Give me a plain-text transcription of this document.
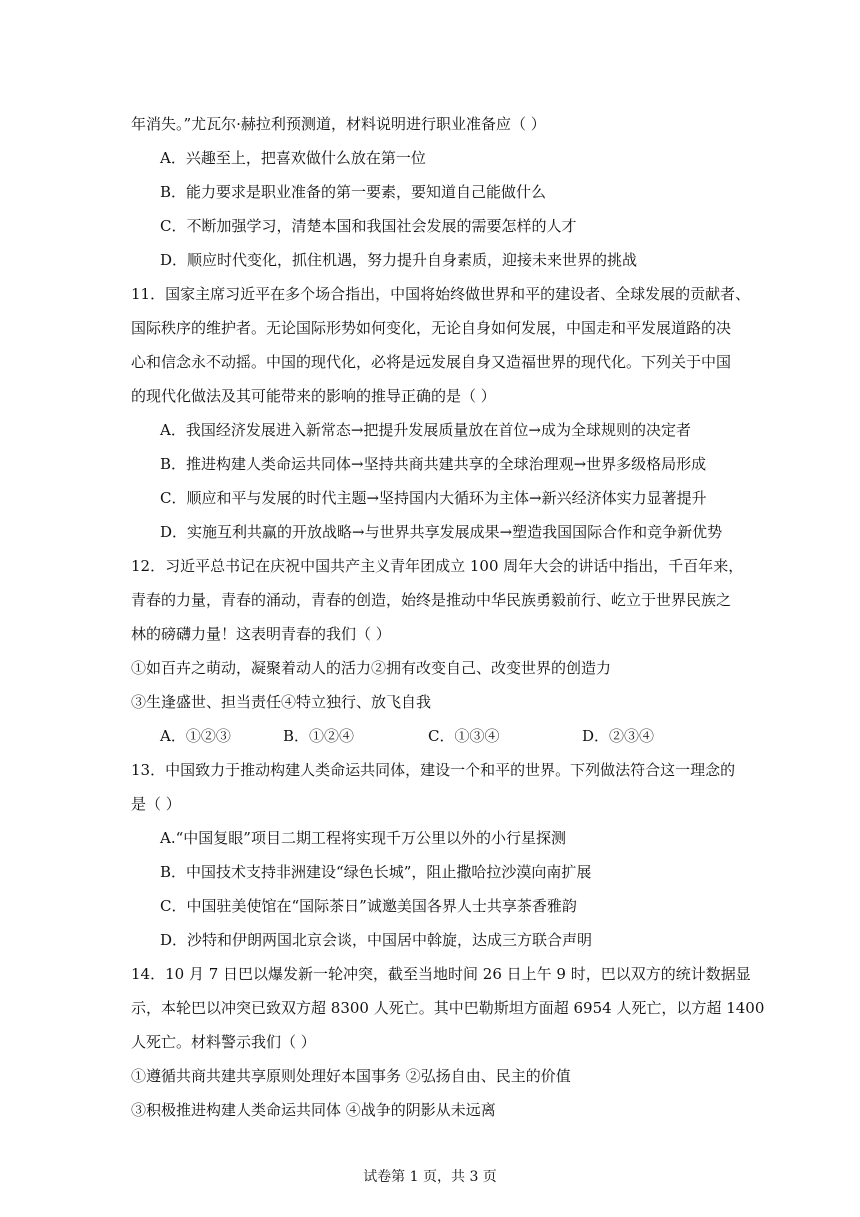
年消失。”尤瓦尔·赫拉利预测道，材料说明进行职业准备应（ ）
A．兴趣至上，把喜欢做什么放在第一位
B．能力要求是职业准备的第一要素，要知道自己能做什么
C．不断加强学习，清楚本国和我国社会发展的需要怎样的人才
D．顺应时代变化，抓住机遇，努力提升自身素质，迎接未来世界的挑战
11．国家主席习近平在多个场合指出，中国将始终做世界和平的建设者、全球发展的贡献者、
国际秩序的维护者。无论国际形势如何变化，无论自身如何发展，中国走和平发展道路的决
心和信念永不动摇。中国的现代化，必将是远发展自身又造福世界的现代化。下列关于中国
的现代化做法及其可能带来的影响的推导正确的是（ ）
A．我国经济发展进入新常态→把提升发展质量放在首位→成为全球规则的决定者
B．推进构建人类命运共同体→坚持共商共建共享的全球治理观→世界多级格局形成
C．顺应和平与发展的时代主题→坚持国内大循环为主体→新兴经济体实力显著提升
D．实施互利共赢的开放战略→与世界共享发展成果→塑造我国国际合作和竞争新优势
12．习近平总书记在庆祝中国共产主义青年团成立 100 周年大会的讲话中指出，千百年来，
青春的力量，青春的涌动，青春的创造，始终是推动中华民族勇毅前行、屹立于世界民族之
林的磅礴力量！这表明青春的我们（ ）
①如百卉之萌动，凝聚着动人的活力②拥有改变自己、改变世界的创造力
③生逢盛世、担当责任④特立独行、放飞自我
A．①②③	B．①②④	C．①③④	D．②③④
13．中国致力于推动构建人类命运共同体，建设一个和平的世界。下列做法符合这一理念的
是（ ）
A.“中国复眼”项目二期工程将实现千万公里以外的小行星探测
B．中国技术支持非洲建设“绿色长城”，阻止撒哈拉沙漠向南扩展
C．中国驻美使馆在“国际茶日”诚邀美国各界人士共享茶香雅韵
D．沙特和伊朗两国北京会谈，中国居中斡旋，达成三方联合声明
14．10 月 7 日巴以爆发新一轮冲突，截至当地时间 26 日上午 9 时，巴以双方的统计数据显
示，本轮巴以冲突已致双方超 8300 人死亡。其中巴勒斯坦方面超 6954 人死亡，以方超 1400
人死亡。材料警示我们（ ）
①遵循共商共建共享原则处理好本国事务 ②弘扬自由、民主的价值
③积极推进构建人类命运共同体 ④战争的阴影从未远离
试卷第 1 页，共 3 页
